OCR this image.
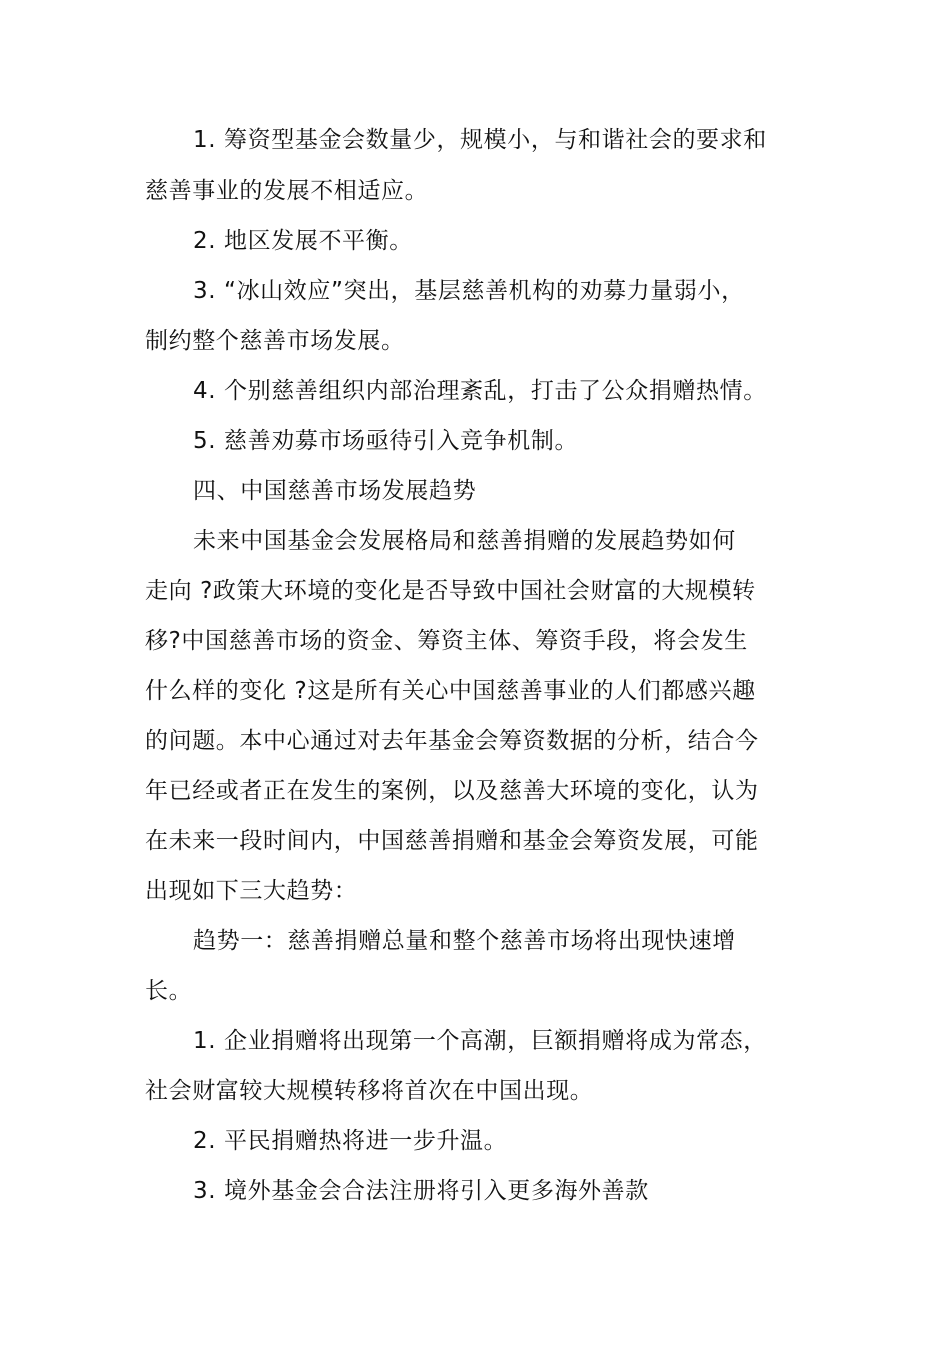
1. 筹资型基金会数量少，规模小，与和谐社会的要求和
慈善事业的发展不相适应。
2. 地区发展不平衡。
3. “冰山效应”突出，基层慈善机构的劝募力量弱小，
制约整个慈善市场发展。
4. 个别慈善组织内部治理紊乱，打击了公众捐赠热情。
5. 慈善劝募市场亟待引入竞争机制。
四、中国慈善市场发展趋势
未来中国基金会发展格局和慈善捐赠的发展趋势如何
走向 ?政策大环境的变化是否导致中国社会财富的大规模转
移?中国慈善市场的资金、筹资主体、筹资手段，将会发生
什么样的变化 ?这是所有关心中国慈善事业的人们都感兴趣
的问题。本中心通过对去年基金会筹资数据的分析，结合今
年已经或者正在发生的案例，以及慈善大环境的变化，认为
在未来一段时间内，中国慈善捐赠和基金会筹资发展，可能
出现如下三大趋势：
趋势一：慈善捐赠总量和整个慈善市场将出现快速增
长。
1. 企业捐赠将出现第一个高潮，巨额捐赠将成为常态，
社会财富较大规模转移将首次在中国出现。
2. 平民捐赠热将进一步升温。
3. 境外基金会合法注册将引入更多海外善款
